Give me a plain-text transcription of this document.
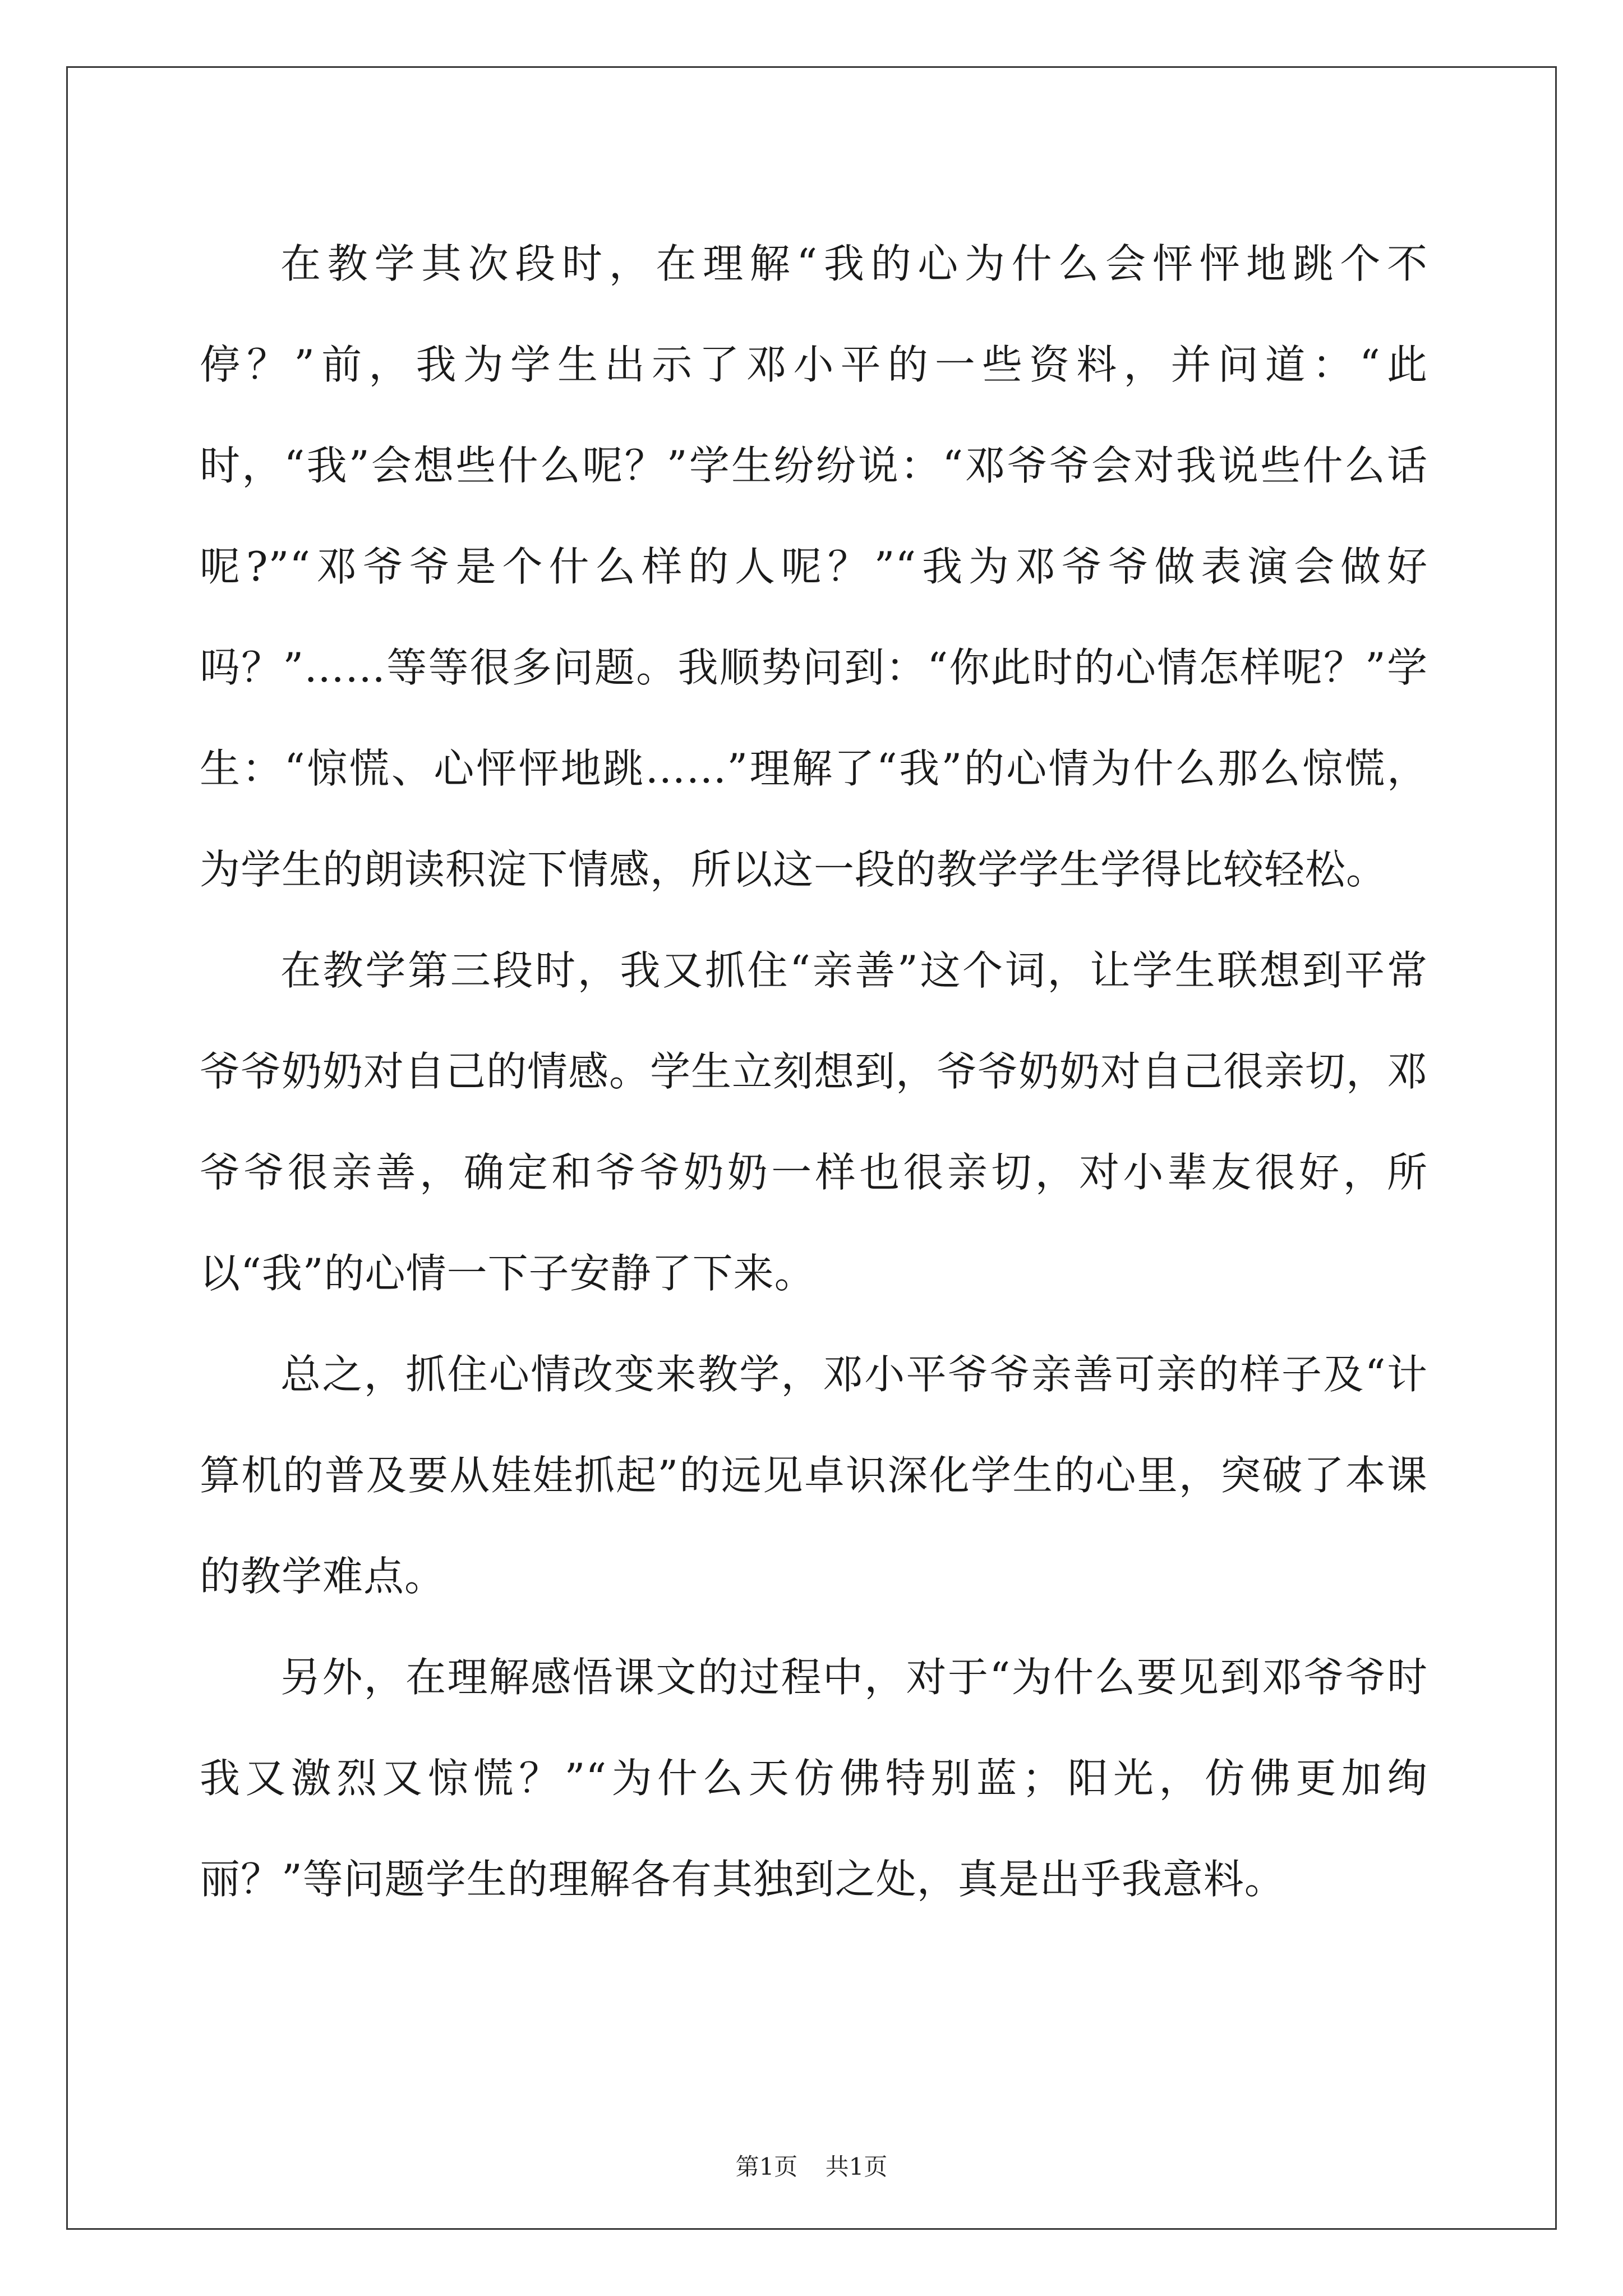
在教学其次段时，在理解“我的心为什么会怦怦地跳个不停？”前，我为学生出示了邓小平的一些资料，并问道：“此时，“我”会想些什么呢？”学生纷纷说：“邓爷爷会对我说些什么话呢?”“邓爷爷是个什么样的人呢？”“我为邓爷爷做表演会做好吗？”……等等很多问题。我顺势问到：“你此时的心情怎样呢？”学生：“惊慌、心怦怦地跳……”理解了“我”的心情为什么那么惊慌，为学生的朗读积淀下情感，所以这一段的教学学生学得比较轻松。

在教学第三段时，我又抓住“亲善”这个词，让学生联想到平常爷爷奶奶对自己的情感。学生立刻想到，爷爷奶奶对自己很亲切，邓爷爷很亲善，确定和爷爷奶奶一样也很亲切，对小辈友很好，所以“我”的心情一下子安静了下来。

总之，抓住心情改变来教学，邓小平爷爷亲善可亲的样子及“计算机的普及要从娃娃抓起”的远见卓识深化学生的心里，突破了本课的教学难点。

另外，在理解感悟课文的过程中，对于“为什么要见到邓爷爷时我又激烈又惊慌？”“为什么天仿佛特别蓝；阳光，仿佛更加绚丽？”等问题学生的理解各有其独到之处，真是出乎我意料。

第1页 共1页
